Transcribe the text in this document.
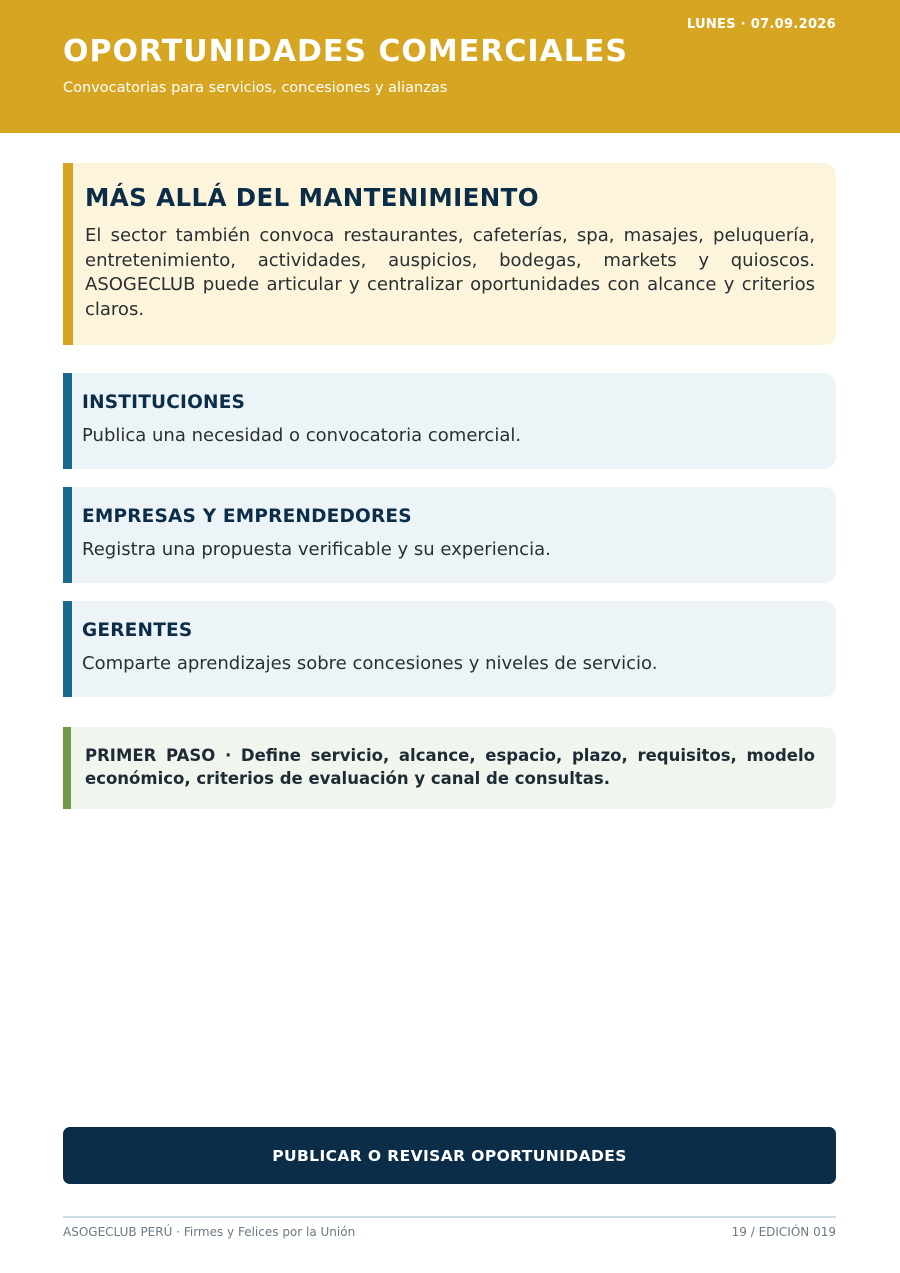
LUNES · 07.09.2026
OPORTUNIDADES COMERCIALES
Convocatorias para servicios, concesiones y alianzas
MÁS ALLÁ DEL MANTENIMIENTO

El sector también convoca restaurantes, cafeterías, spa, masajes, peluquería, entretenimiento, actividades, auspicios, bodegas, markets y quioscos. ASOGECLUB puede articular y centralizar oportunidades con alcance y criterios claros.

INSTITUCIONES

Publica una necesidad o convocatoria comercial.

EMPRESAS Y EMPRENDEDORES

Registra una propuesta verificable y su experiencia.

GERENTES

Comparte aprendizajes sobre concesiones y niveles de servicio.

PRIMER PASO · Define servicio, alcance, espacio, plazo, requisitos, modelo económico, criterios de evaluación y canal de consultas.

PUBLICAR O REVISAR OPORTUNIDADES
ASOGECLUB PERÚ · Firmes y Felices por la Unión	19 / EDICIÓN 019
